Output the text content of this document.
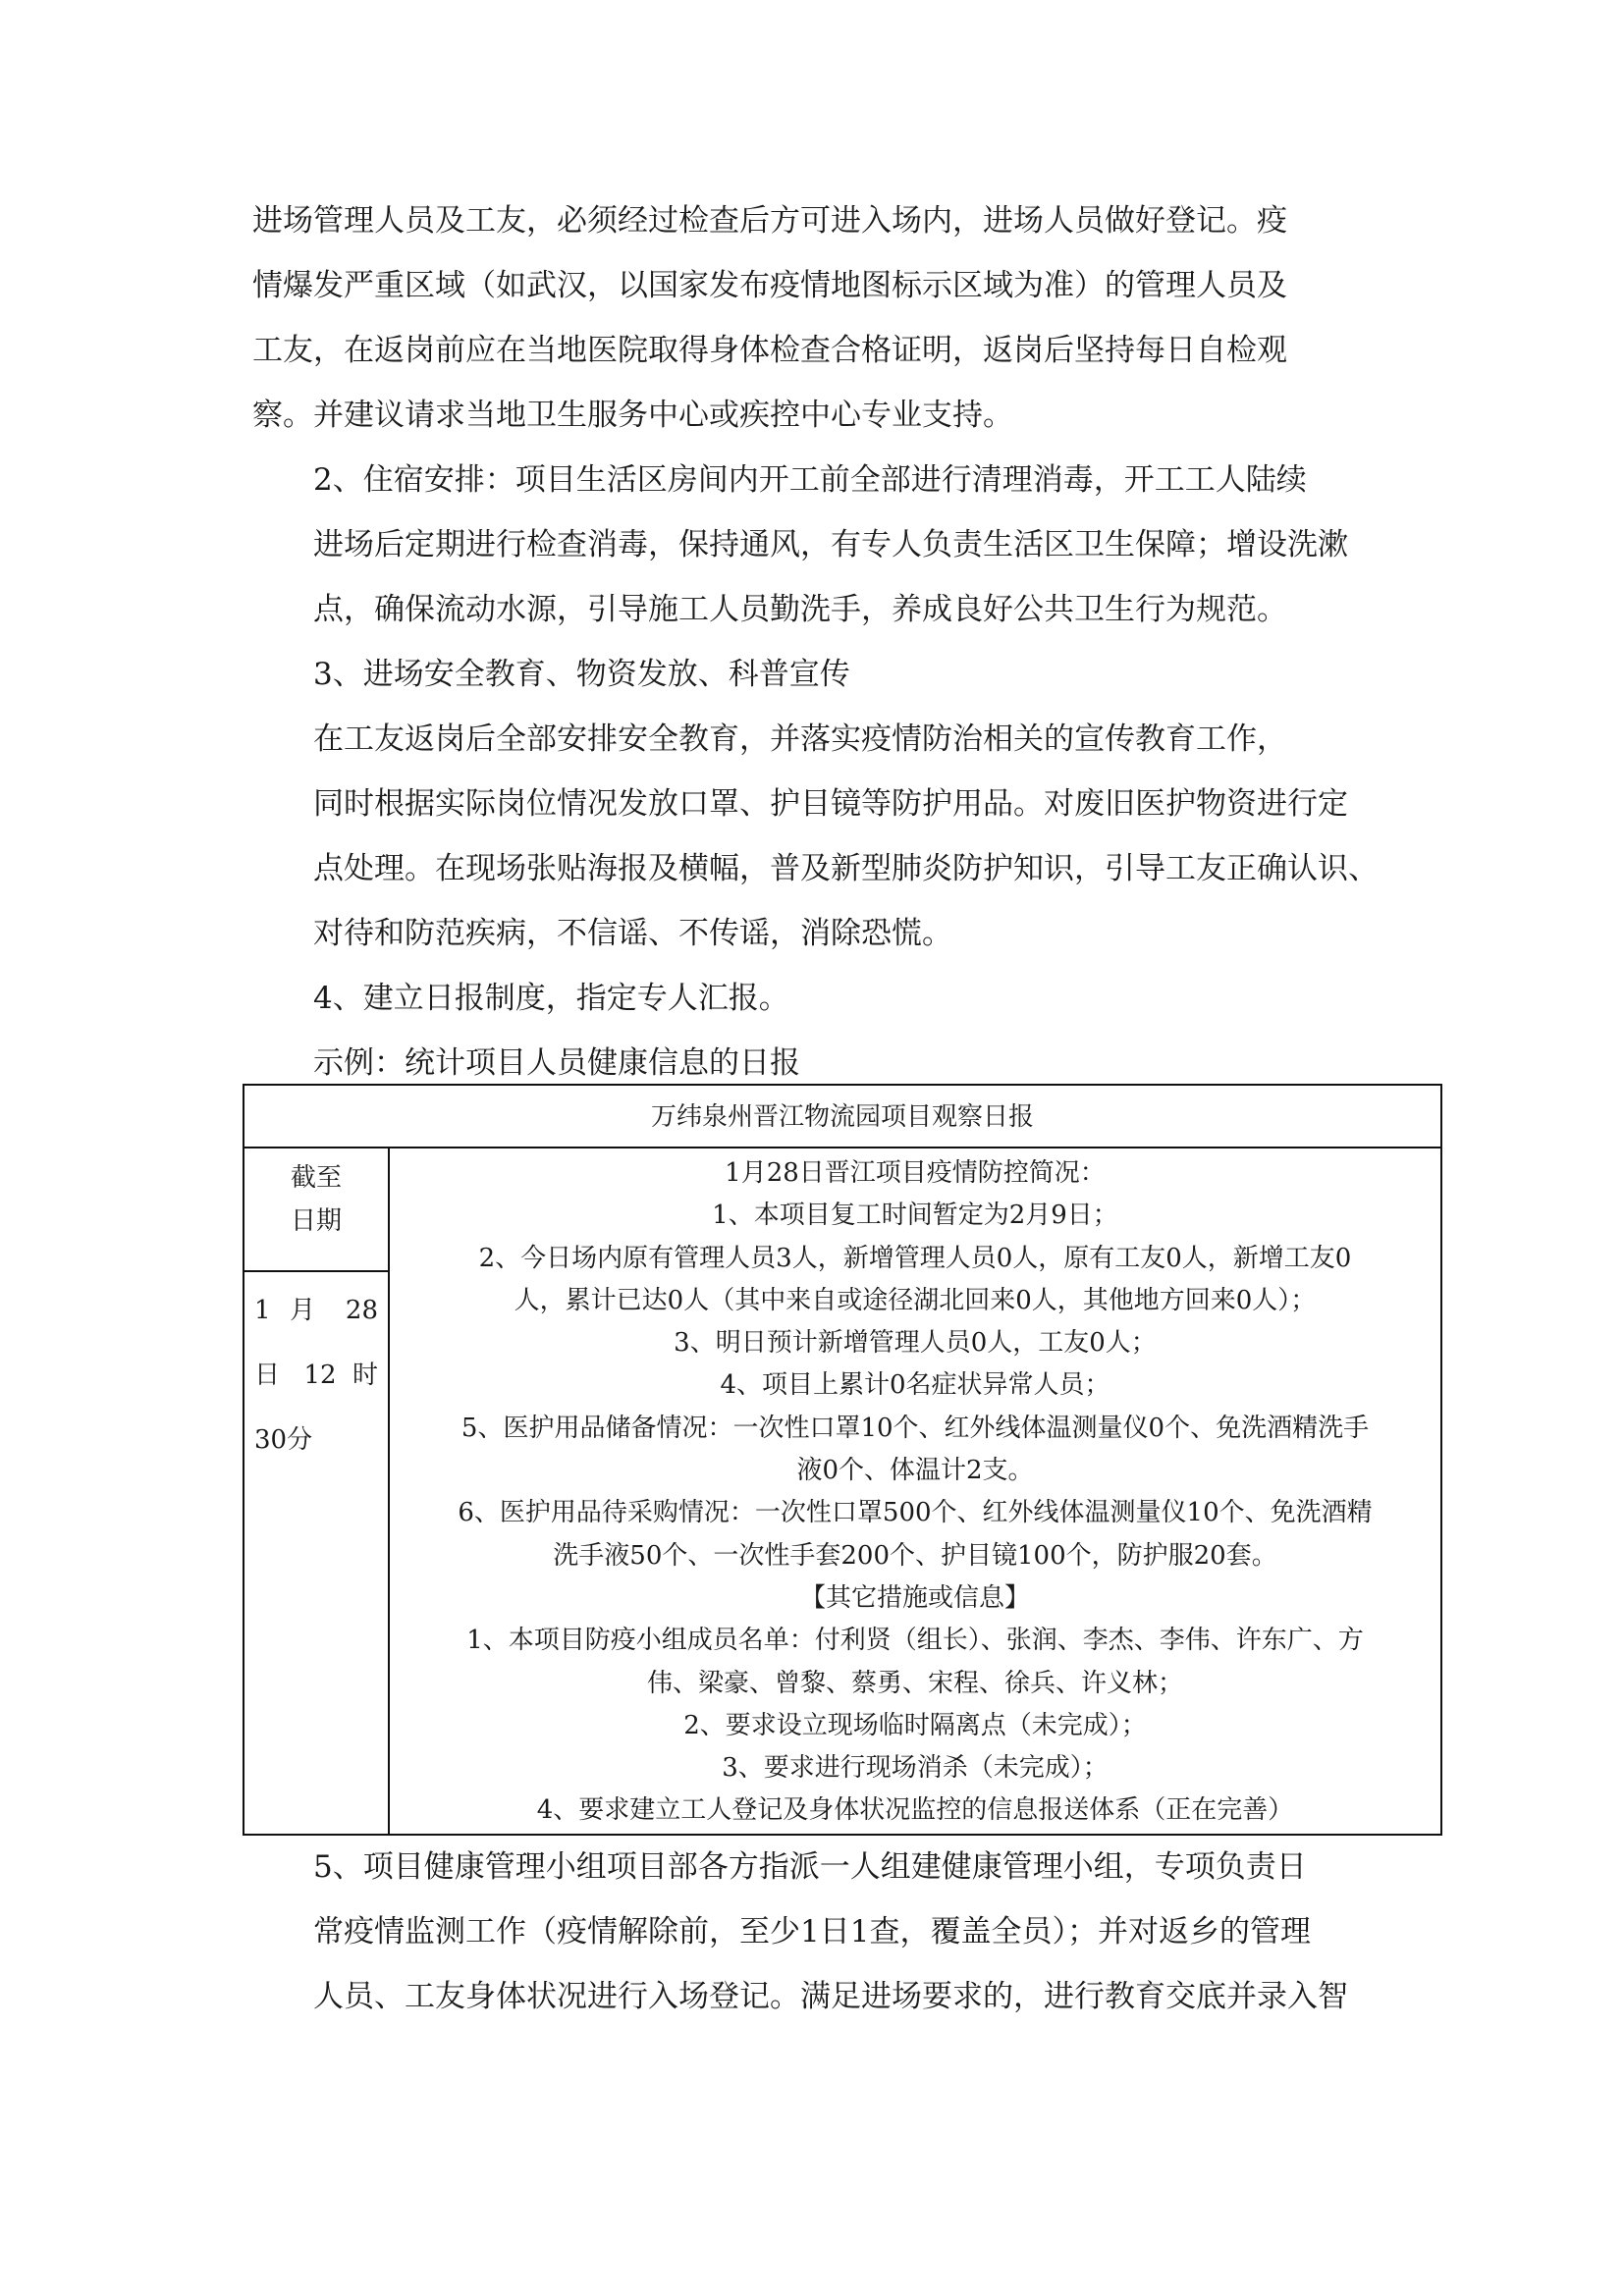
进场管理人员及工友，必须经过检查后方可进入场内，进场人员做好登记。疫
情爆发严重区域（如武汉，以国家发布疫情地图标示区域为准）的管理人员及
工友，在返岗前应在当地医院取得身体检查合格证明，返岗后坚持每日自检观
察。并建议请求当地卫生服务中心或疾控中心专业支持。

2、住宿安排：项目生活区房间内开工前全部进行清理消毒，开工工人陆续
进场后定期进行检查消毒，保持通风，有专人负责生活区卫生保障；增设洗漱
点，确保流动水源，引导施工人员勤洗手，养成良好公共卫生行为规范。

3、进场安全教育、物资发放、科普宣传

在工友返岗后全部安排安全教育，并落实疫情防治相关的宣传教育工作，
同时根据实际岗位情况发放口罩、护目镜等防护用品。对废旧医护物资进行定
点处理。在现场张贴海报及横幅，普及新型肺炎防护知识，引导工友正确认识、
对待和防范疾病，不信谣、不传谣，消除恐慌。

4、建立日报制度，指定专人汇报。

示例：统计项目人员健康信息的日报

万纬泉州晋江物流园项目观察日报
截至
日期
1 月 28 日 12 时 30分
1月28日晋江项目疫情防控简况：
1、本项目复工时间暂定为2月9日；
2、今日场内原有管理人员3人，新增管理人员0人，原有工友0人，新增工友0
人，累计已达0人（其中来自或途径湖北回来0人，其他地方回来0人）；
3、明日预计新增管理人员0人，工友0人；
4、项目上累计0名症状异常人员；
5、医护用品储备情况：一次性口罩10个、红外线体温测量仪0个、免洗酒精洗手
液0个、体温计2支。
6、医护用品待采购情况：一次性口罩500个、红外线体温测量仪10个、免洗酒精
洗手液50个、一次性手套200个、护目镜100个，防护服20套。
【其它措施或信息】
1、本项目防疫小组成员名单：付利贤（组长）、张润、李杰、李伟、许东广、方
伟、梁豪、曾黎、蔡勇、宋程、徐兵、许义林；
2、要求设立现场临时隔离点（未完成）；
3、要求进行现场消杀（未完成）；
4、要求建立工人登记及身体状况监控的信息报送体系（正在完善）

5、项目健康管理小组项目部各方指派一人组建健康管理小组，专项负责日
常疫情监测工作（疫情解除前，至少1日1查，覆盖全员）；并对返乡的管理
人员、工友身体状况进行入场登记。满足进场要求的，进行教育交底并录入智
